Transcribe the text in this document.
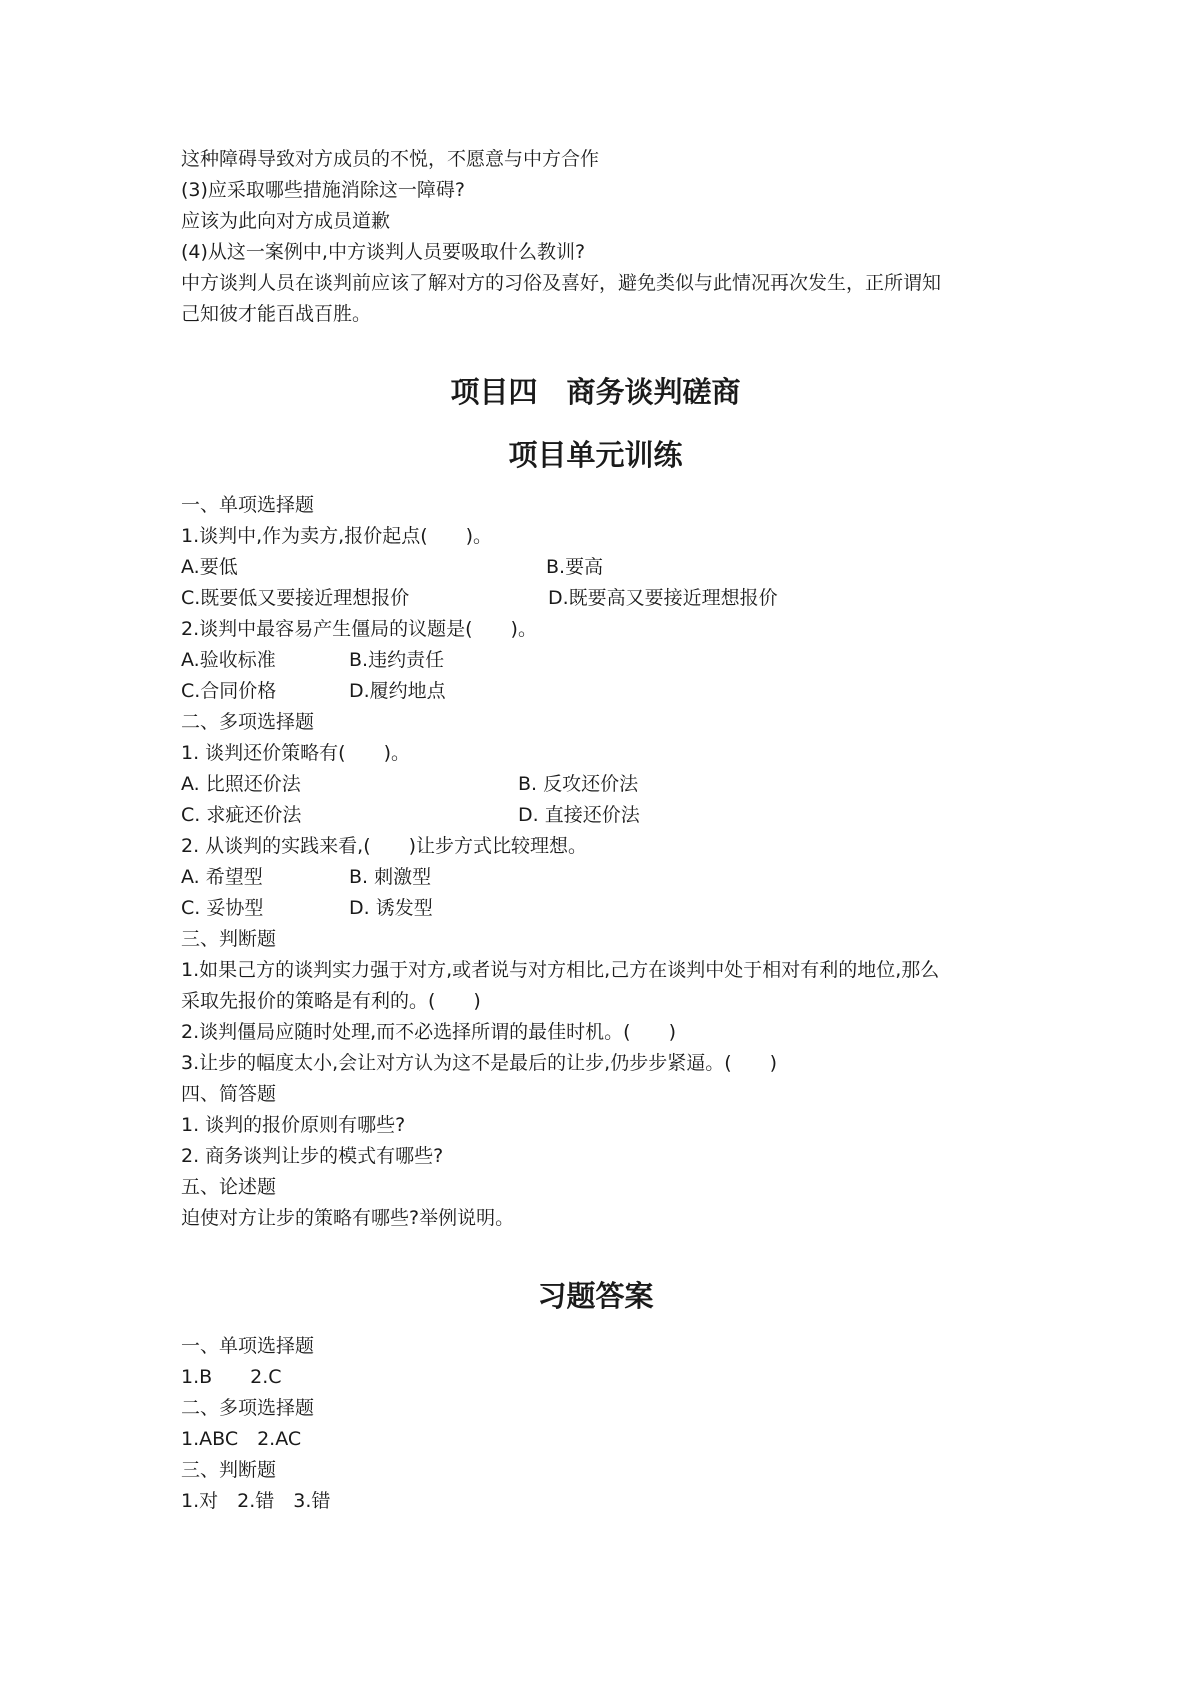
这种障碍导致对方成员的不悦，不愿意与中方合作
(3)应采取哪些措施消除这一障碍?
应该为此向对方成员道歉
(4)从这一案例中,中方谈判人员要吸取什么教训?
中方谈判人员在谈判前应该了解对方的习俗及喜好，避免类似与此情况再次发生，正所谓知
己知彼才能百战百胜。
项目四　商务谈判磋商
项目单元训练
一、单项选择题
1.谈判中,作为卖方,报价起点(　　)。
A.要低	B.要高
C.既要低又要接近理想报价	D.既要高又要接近理想报价
2.谈判中最容易产生僵局的议题是(　　)。
A.验收标准	B.违约责任
C.合同价格	D.履约地点
二、多项选择题
1. 谈判还价策略有(　　)。
A. 比照还价法	B. 反攻还价法
C. 求疵还价法	D. 直接还价法
2. 从谈判的实践来看,(　　)让步方式比较理想。
A. 希望型	B. 刺激型
C. 妥协型	D. 诱发型
三、判断题
1.如果己方的谈判实力强于对方,或者说与对方相比,己方在谈判中处于相对有利的地位,那么
采取先报价的策略是有利的。(　　)
2.谈判僵局应随时处理,而不必选择所谓的最佳时机。(　　)
3.让步的幅度太小,会让对方认为这不是最后的让步,仍步步紧逼。(　　)
四、简答题
1. 谈判的报价原则有哪些?
2. 商务谈判让步的模式有哪些?
五、论述题
迫使对方让步的策略有哪些?举例说明。
习题答案
一、单项选择题
1.B　　2.C
二、多项选择题
1.ABC　2.AC
三、判断题
1.对　2.错　3.错
